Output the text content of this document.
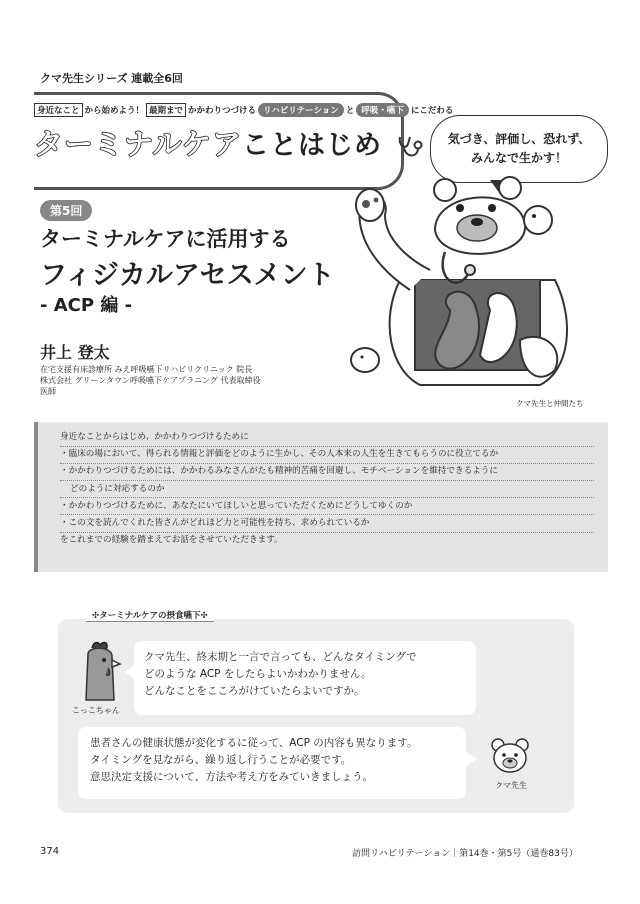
クマ先生シリーズ 連載全6回
身近なこと から始めよう！ 最期まで かかわりつづける リハビリテーション と 呼吸・嚥下 にこだわる
ターミナルケアことはじめ	気づき、評価し、恐れず、
みんなで生かす！
第5回
ターミナルケアに活用する
フィジカルアセスメント
- ACP 編 -
井上 登太
在宅支援有床診療所 みえ呼吸嚥下リハビリクリニック 院長
株式会社 グリーンタウン呼吸嚥下ケアプラニング 代表取締役
医師
クマ先生と仲間たち
身近なことからはじめ、かかわりつづけるために
・臨床の場において、得られる情報と評価をどのように生かし、その人本来の人生を生きてもらうのに役立てるか
・かかわりつづけるためには、かかわるみなさんがたも精神的苦痛を回避し、モチベーションを維持できるように
どのように対応するのか
・かかわりつづけるために、あなたにいてほしいと思っていただくためにどうしてゆくのか
・この文を読んでくれた皆さんがどれほど力と可能性を持ち、求められているか
をこれまでの経験を踏まえてお話をさせていただきます。
✣ターミナルケアの摂食嚥下✣
こっこちゃん
クマ先生、終末期と一言で言っても、どんなタイミングで
どのような ACP をしたらよいかわかりません。
どんなことをこころがけていたらよいですか。
患者さんの健康状態が変化するに従って、ACP の内容も異なります。
タイミングを見ながら、繰り返し行うことが必要です。
意思決定支援について、方法や考え方をみていきましょう。
クマ先生
374	訪問リハビリテーション｜第14巻・第5号（通巻83号）
